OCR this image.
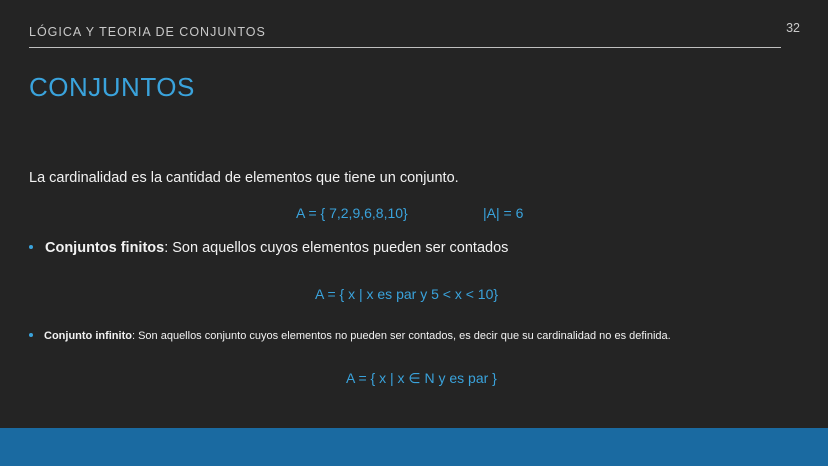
LÓGICA Y TEORIA DE CONJUNTOS	32
CONJUNTOS
La cardinalidad es la cantidad de elementos que tiene un conjunto.
A = { 7,2,9,6,8,10}	|A| = 6
Conjuntos finitos: Son aquellos cuyos elementos pueden ser contados
A = { x | x es par y 5 < x < 10}
Conjunto infinito: Son aquellos conjunto cuyos elementos no pueden ser contados, es decir que su cardinalidad no es definida.
A = { x | x ∈ N y es par }
